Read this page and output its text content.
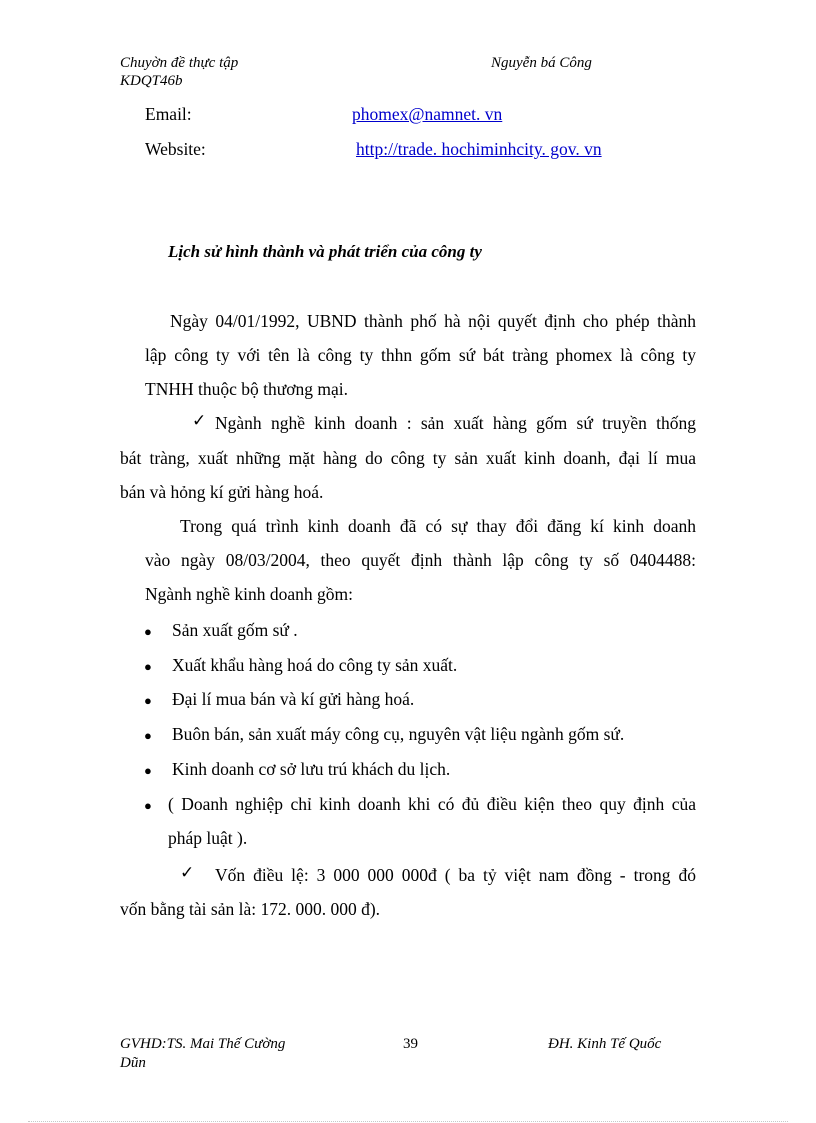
Chuyờn đề thực tập
KDQT46b
Nguyễn bá Công
Email:	phomex@namnet. vn
Website:	http://trade. hochiminhcity. gov. vn
Lịch sử hình thành và phát triển của công ty
Ngày 04/01/1992, UBND thành phố hà nội quyết định cho phép thành
lập công ty với tên là công ty thhn gốm sứ bát tràng phomex là công ty
TNHH thuộc bộ thương mại.
✓ Ngành nghề kinh doanh : sản xuất hàng gốm sứ truyền thống
bát tràng, xuất những mặt hàng do công ty sản xuất kinh doanh, đại lí mua
bán và hỏng kí gửi hàng hoá.
Trong quá trình kinh doanh đã có sự thay đổi đăng kí kinh doanh
vào ngày 08/03/2004, theo quyết định thành lập công ty số 0404488:
Ngành nghề kinh doanh gồm:
● Sản xuất gốm sứ .
● Xuất khẩu hàng hoá do công ty sản xuất.
● Đại lí mua bán và kí gửi hàng hoá.
● Buôn bán, sản xuất máy công cụ, nguyên vật liệu ngành gốm sứ.
● Kinh doanh cơ sở lưu trú khách du lịch.
● ( Doanh nghiệp chỉ kinh doanh khi có đủ điều kiện theo quy định của
pháp luật ).
✓ Vốn điều lệ: 3 000 000 000đ ( ba tỷ việt nam đồng - trong đó
vốn bằng tài sản là: 172. 000. 000 đ).
GVHD:TS. Mai Thế Cường
Dũn
39	ĐH. Kinh Tế Quốc
